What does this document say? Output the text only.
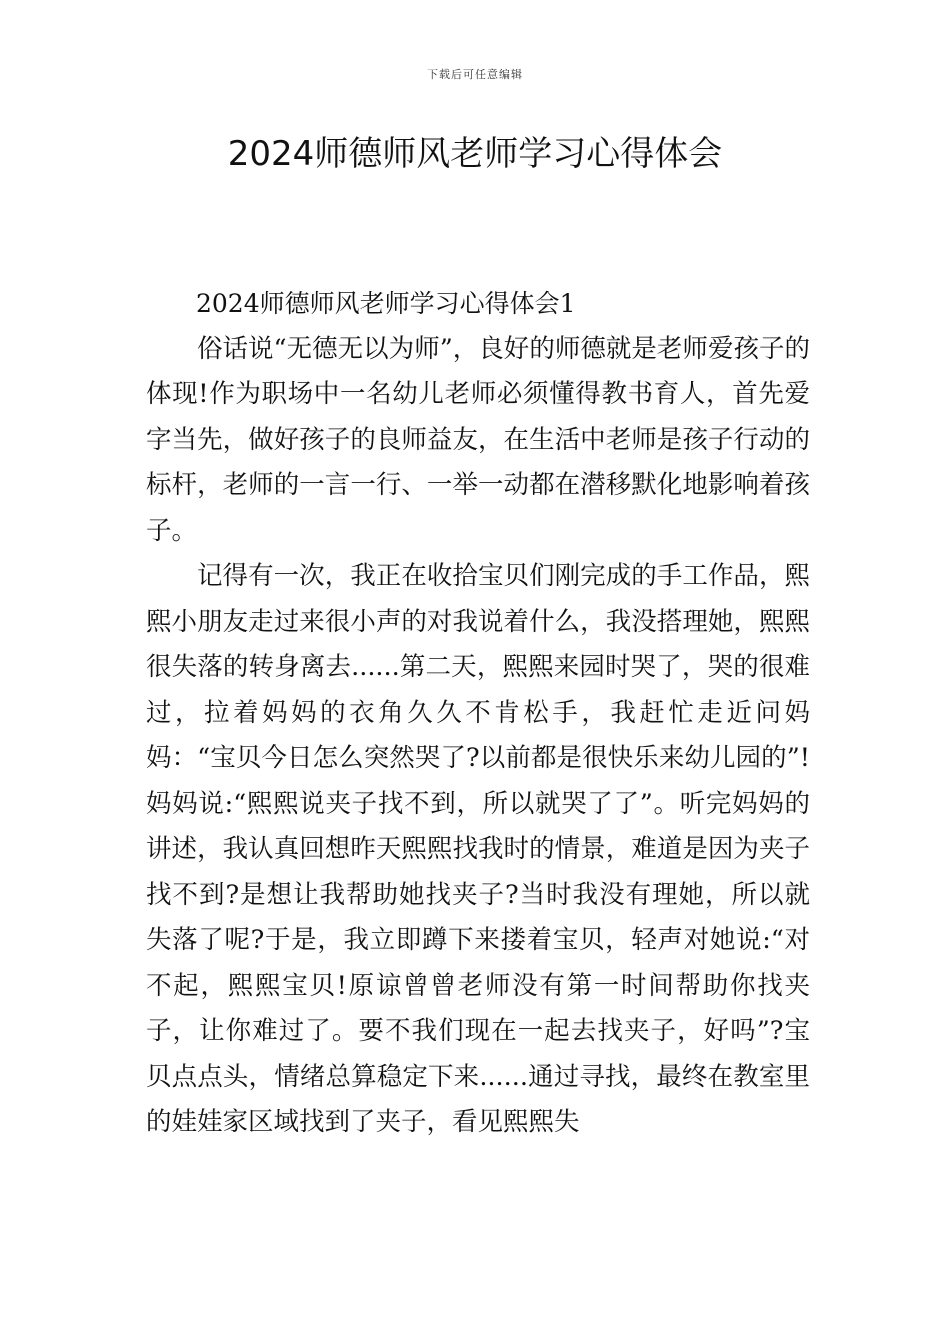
下载后可任意编辑
2024师德师风老师学习心得体会
2024师德师风老师学习心得体会1

俗话说“无德无以为师”，良好的师德就是老师爱孩子的体现!作为职场中一名幼儿老师必须懂得教书育人，首先爱字当先，做好孩子的良师益友，在生活中老师是孩子行动的标杆，老师的一言一行、一举一动都在潜移默化地影响着孩子。

记得有一次，我正在收拾宝贝们刚完成的手工作品，熙熙小朋友走过来很小声的对我说着什么，我没搭理她，熙熙很失落的转身离去......第二天，熙熙来园时哭了，哭的很难过，拉着妈妈的衣角久久不肯松手，我赶忙走近问妈妈：“宝贝今日怎么突然哭了?以前都是很快乐来幼儿园的”!妈妈说:“熙熙说夹子找不到，所以就哭了了”。听完妈妈的讲述，我认真回想昨天熙熙找我时的情景，难道是因为夹子找不到?是想让我帮助她找夹子?当时我没有理她，所以就失落了呢?于是，我立即蹲下来搂着宝贝，轻声对她说:“对不起，熙熙宝贝!原谅曾曾老师没有第一时间帮助你找夹子，让你难过了。要不我们现在一起去找夹子，好吗”?宝贝点点头，情绪总算稳定下来......通过寻找，最终在教室里的娃娃家区域找到了夹子，看见熙熙失
